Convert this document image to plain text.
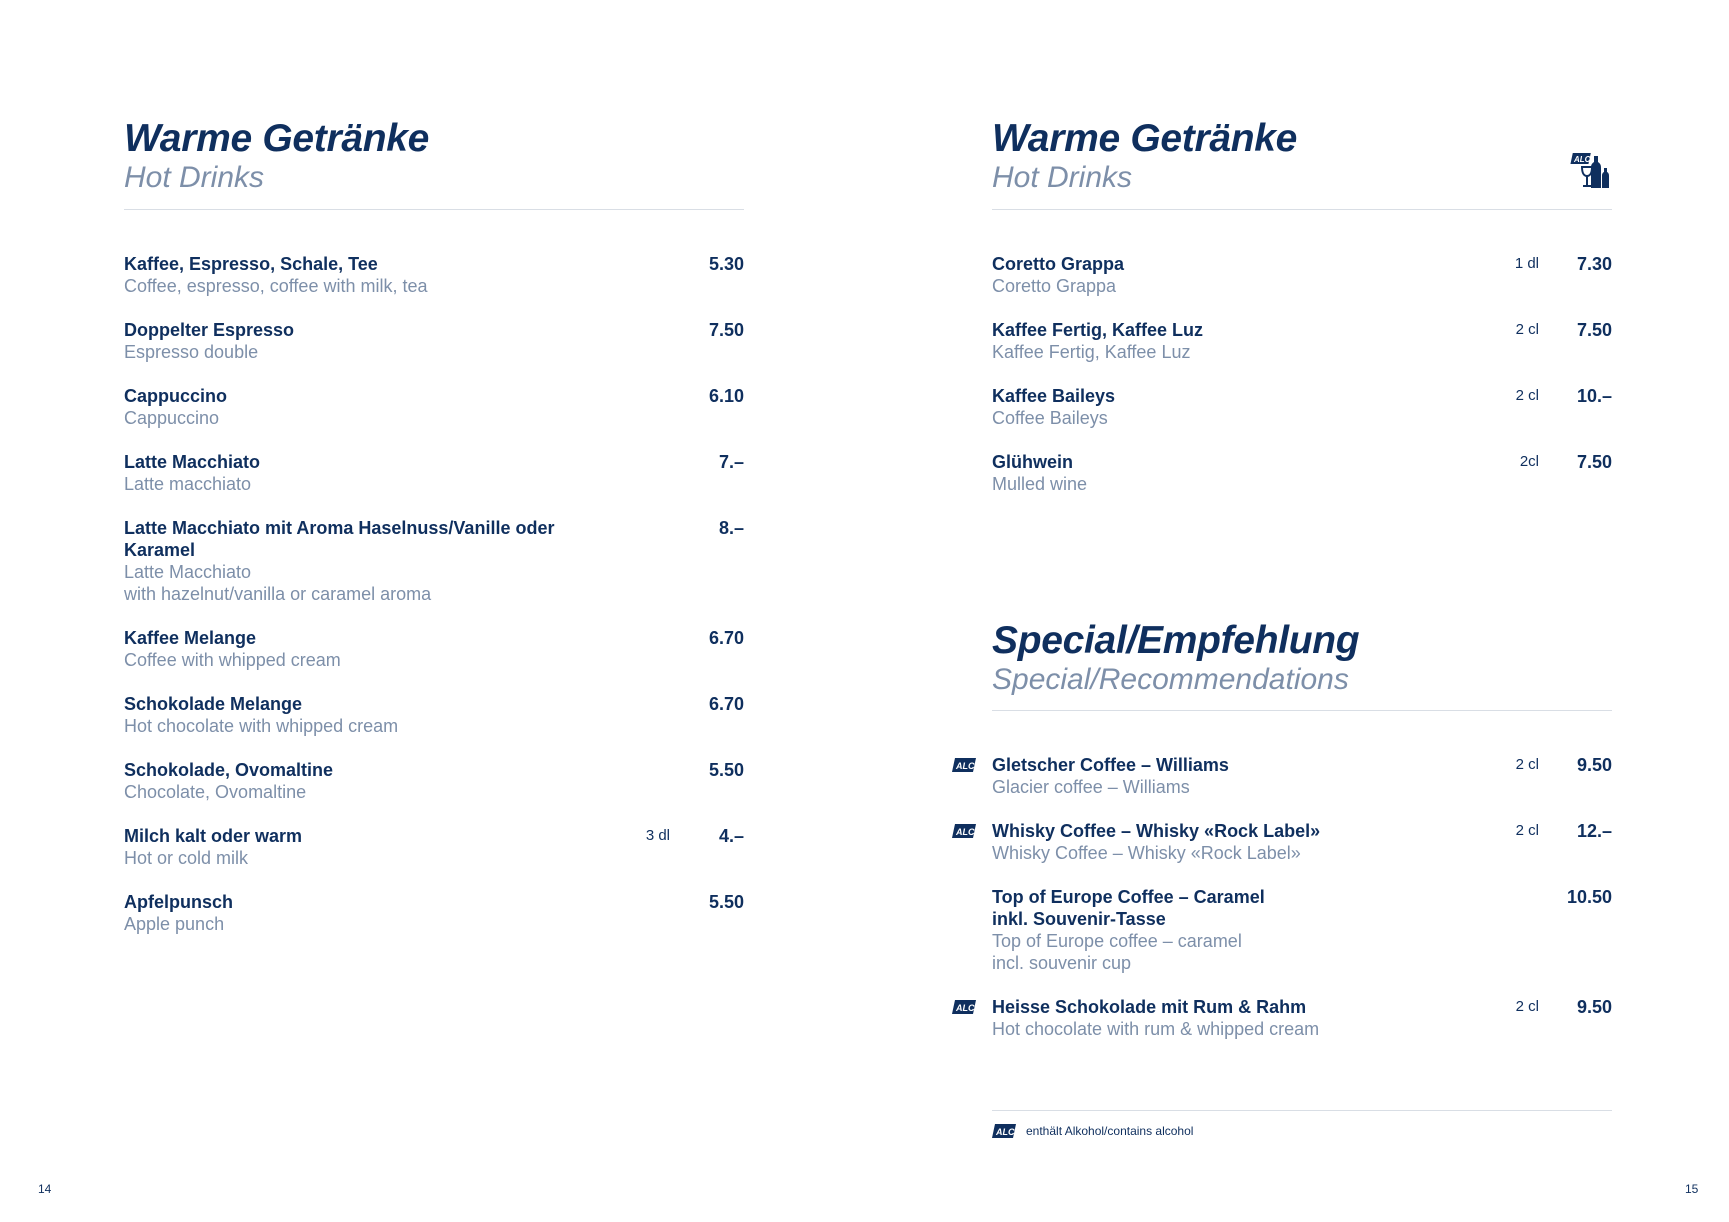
Warme Getränke
Hot Drinks
Kaffee, Espresso, Schale, Tee
Coffee, espresso, coffee with milk, tea
5.30
Doppelter Espresso
Espresso double
7.50
Cappuccino
Cappuccino
6.10
Latte Macchiato
Latte macchiato
7.–
Latte Macchiato mit Aroma Haselnuss/Vanille oder Karamel
Latte Macchiato
with hazelnut/vanilla or caramel aroma
8.–
Kaffee Melange
Coffee with whipped cream
6.70
Schokolade Melange
Hot chocolate with whipped cream
6.70
Schokolade, Ovomaltine
Chocolate, Ovomaltine
5.50
Milch kalt oder warm
Hot or cold milk
3 dl	4.–
Apfelpunsch
Apple punch
5.50
14
Warme Getränke
Hot Drinks
ALC
Coretto Grappa
Coretto Grappa
1 dl 7.30
Kaffee Fertig, Kaffee Luz
Kaffee Fertig, Kaffee Luz
2 cl 7.50
Kaffee Baileys
Coffee Baileys
2 cl 10.–
Glühwein
Mulled wine
2cl 7.50
Special/Empfehlung
Special/Recommendations
ALC Gletscher Coffee – Williams
Glacier coffee – Williams
2 cl 9.50
ALC Whisky Coffee – Whisky «Rock Label»
Whisky Coffee – Whisky «Rock Label»
2 cl 12.–
Top of Europe Coffee – Caramel
inkl. Souvenir-Tasse
Top of Europe coffee – caramel
incl. souvenir cup
10.50
ALC Heisse Schokolade mit Rum & Rahm
Hot chocolate with rum & whipped cream
2 cl 9.50
ALC enthält Alkohol/contains alcohol
15
